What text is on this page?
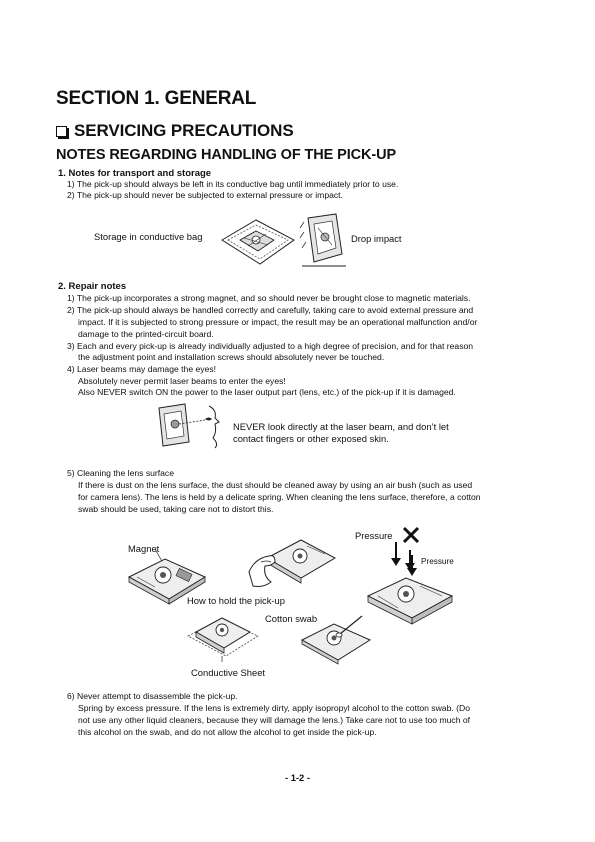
SECTION 1. GENERAL
SERVICING PRECAUTIONS
NOTES REGARDING HANDLING OF THE PICK-UP
1. Notes for transport and storage
1) The pick-up should always be left in its conductive bag until immediately prior to use.
2) The pick-up should never be subjected to external pressure or impact.
Storage in conductive bag	Drop impact
2. Repair notes
1) The pick-up incorporates a strong magnet, and so should never be brought close to magnetic materials.
2) The pick-up should always be handled correctly and carefully, taking care to avoid external pressure and
impact. If it is subjected to strong pressure or impact, the result may be an operational malfunction and/or
damage to the printed-circuit board.
3) Each and every pick-up is already individually adjusted to a high degree of precision, and for that reason
the adjustment point and installation screws should absolutely never be touched.
4) Laser beams may damage the eyes!
Absolutely never permit laser beams to enter the eyes!
Also NEVER switch ON the power to the laser output part (lens, etc.) of the pick-up if it is damaged.
NEVER look directly at the laser beam, and don’t let
contact fingers or other exposed skin.
5) Cleaning the lens surface
If there is dust on the lens surface, the dust should be cleaned away by using an air bush (such as used
for camera lens). The lens is held by a delicate spring. When cleaning the lens surface, therefore, a cotton
swab should be used, taking care not to distort this.
Magnet
Pressure
Pressure
How to hold the pick-up
Cotton swab
Conductive Sheet
6) Never attempt to disassemble the pick-up.
Spring by excess pressure. If the lens is extremely dirty, apply isopropyl alcohol to the cotton swab. (Do
not use any other liquid cleaners, because they will damage the lens.) Take care not to use too much of
this alcohol on the swab, and do not allow the alcohol to get inside the pick-up.
- 1-2 -
